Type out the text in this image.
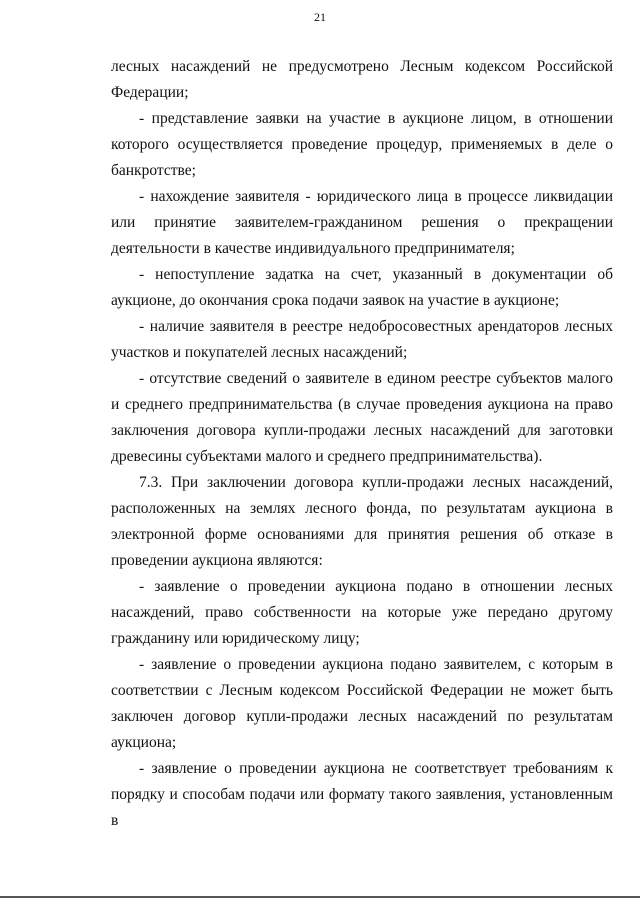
21

лесных насаждений не предусмотрено Лесным кодексом Российской Федерации;

- представление заявки на участие в аукционе лицом, в отношении которого осуществляется проведение процедур, применяемых в деле о банкротстве;

- нахождение заявителя - юридического лица в процессе ликвидации или принятие заявителем-гражданином решения о прекращении деятельности в качестве индивидуального предпринимателя;

- непоступление задатка на счет, указанный в документации об аукционе, до окончания срока подачи заявок на участие в аукционе;

- наличие заявителя в реестре недобросовестных арендаторов лесных участков и покупателей лесных насаждений;

- отсутствие сведений о заявителе в едином реестре субъектов малого и среднего предпринимательства (в случае проведения аукциона на право заключения договора купли-продажи лесных насаждений для заготовки древесины субъектами малого и среднего предпринимательства).

7.3. При заключении договора купли-продажи лесных насаждений, расположенных на землях лесного фонда, по результатам аукциона в электронной форме основаниями для принятия решения об отказе в проведении аукциона являются:

- заявление о проведении аукциона подано в отношении лесных насаждений, право собственности на которые уже передано другому гражданину или юридическому лицу;

- заявление о проведении аукциона подано заявителем, с которым в соответствии с Лесным кодексом Российской Федерации не может быть заключен договор купли-продажи лесных насаждений по результатам аукциона;

- заявление о проведении аукциона не соответствует требованиям к порядку и способам подачи или формату такого заявления, установленным в
